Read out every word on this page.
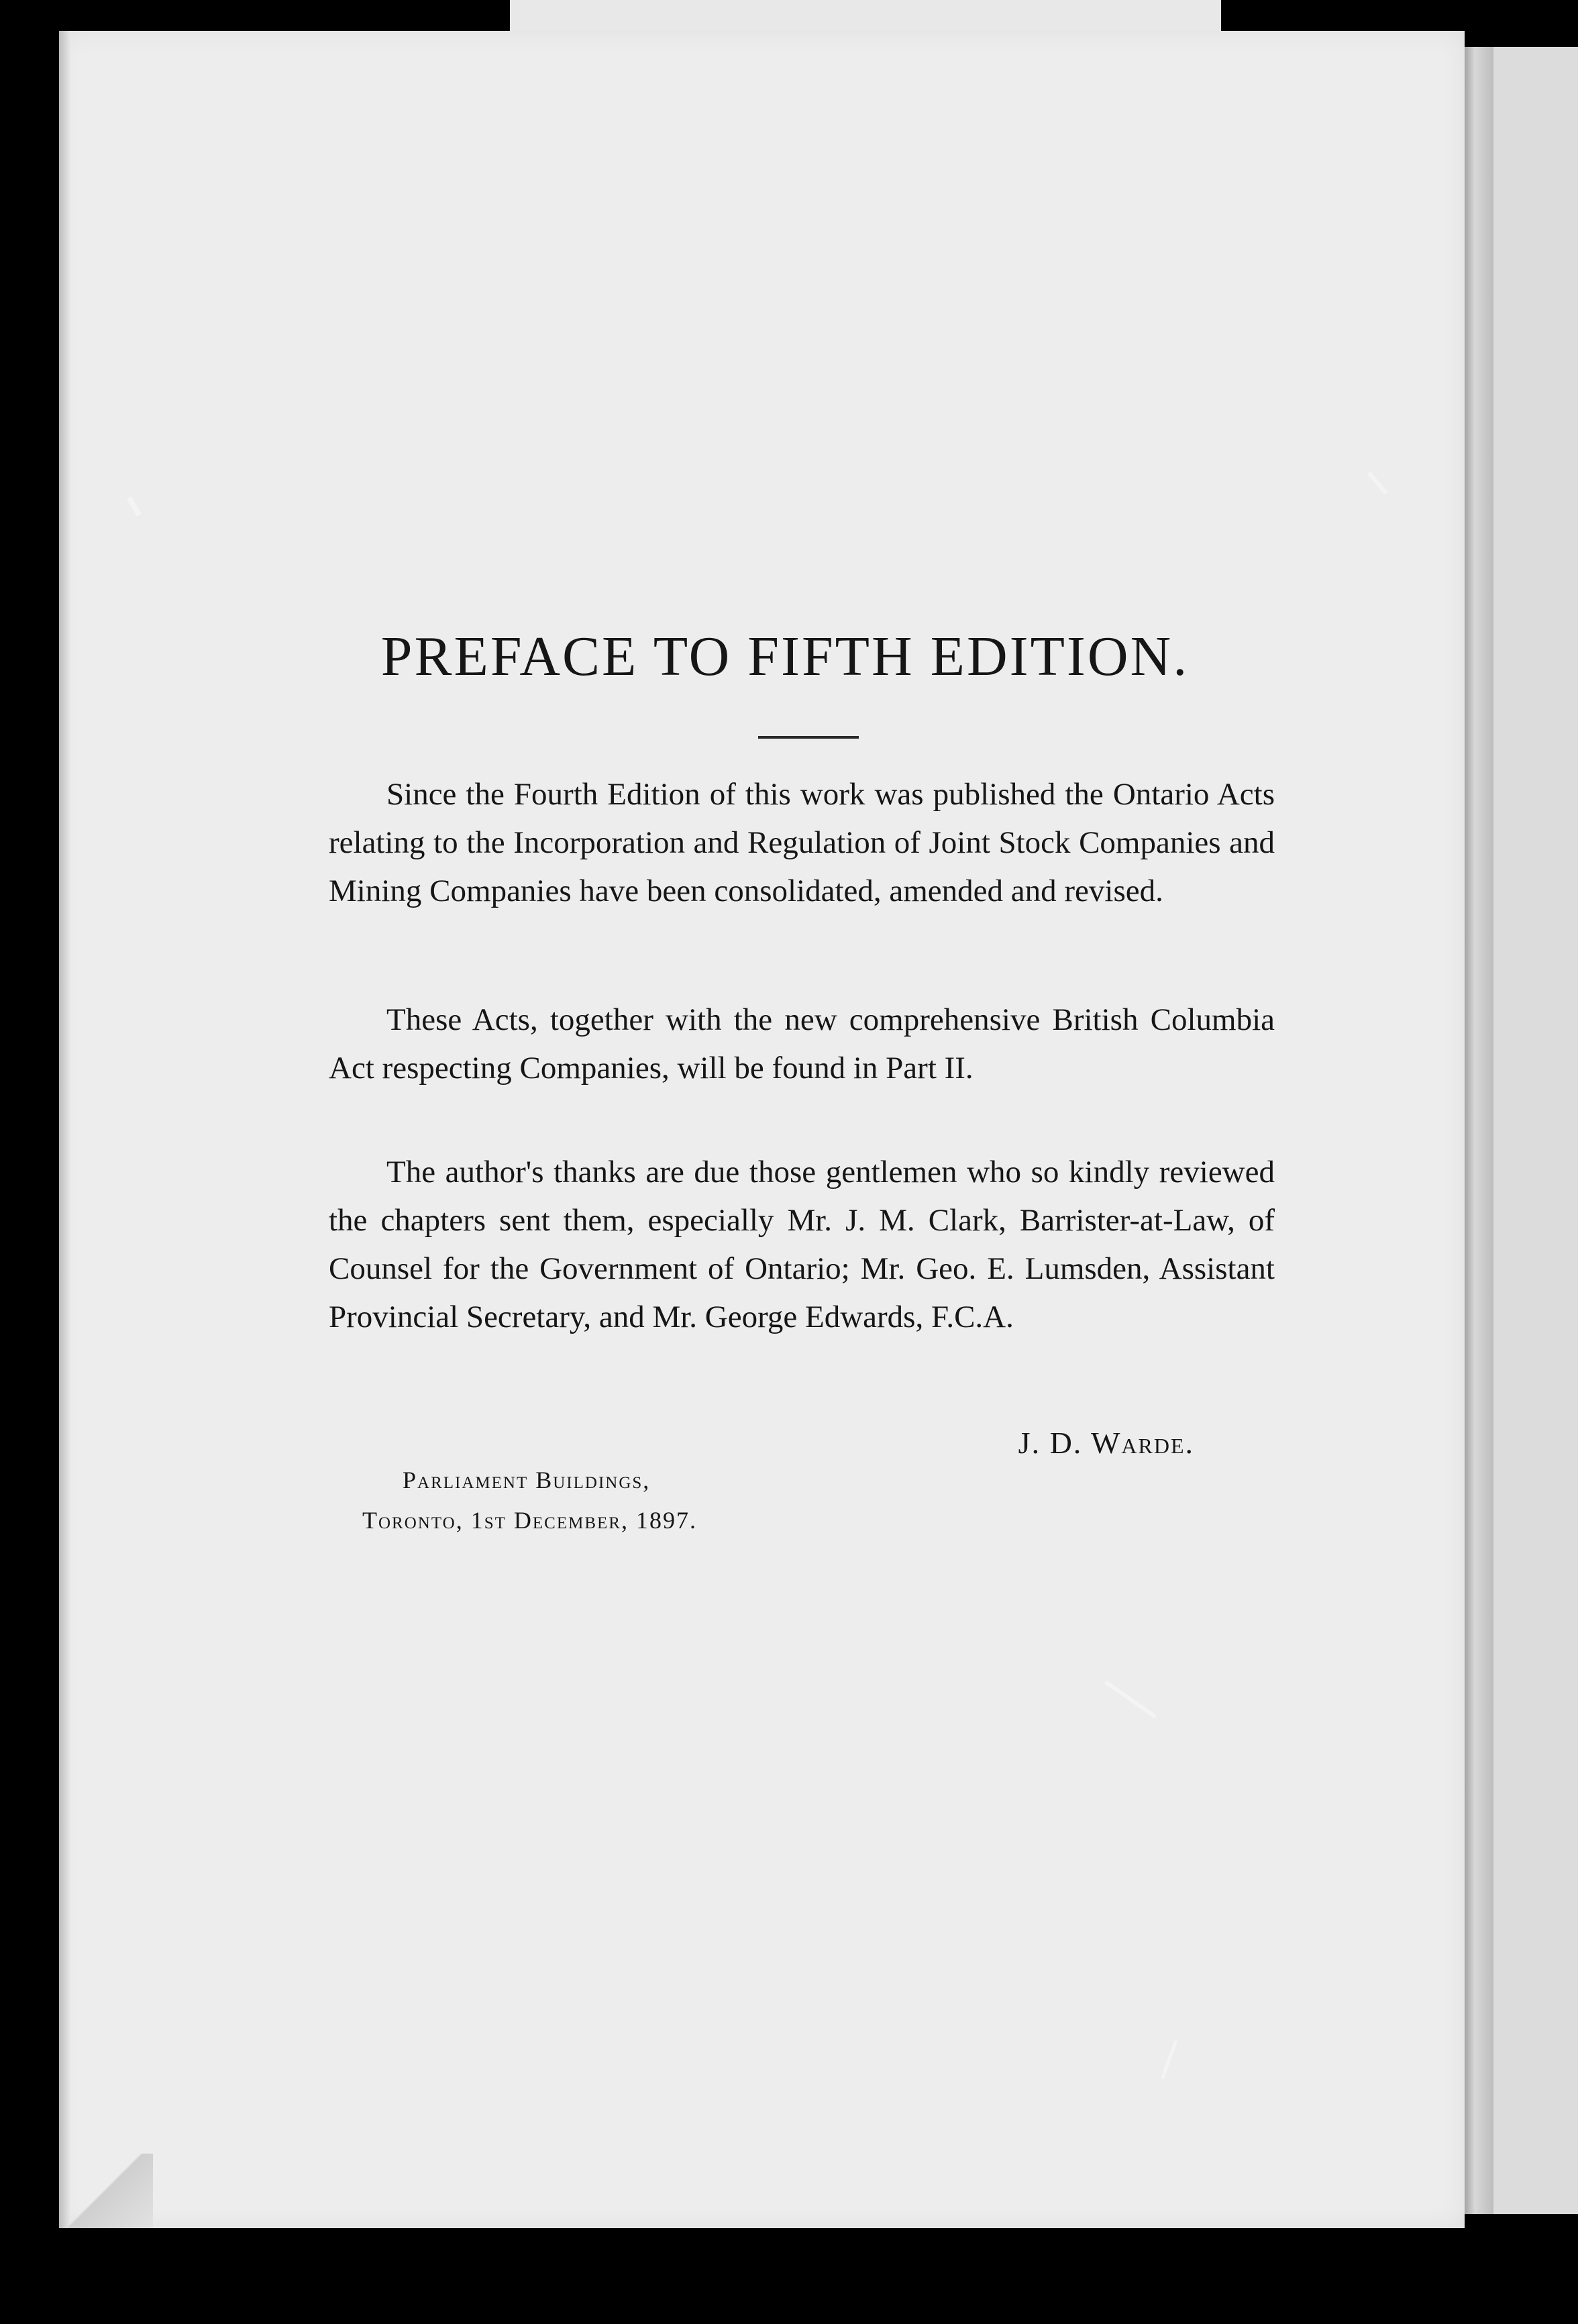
PREFACE TO FIFTH EDITION.

Since the Fourth Edition of this work was published the Ontario Acts relating to the Incorporation and Regulation of Joint Stock Companies and Mining Companies have been consolidated, amended and revised.

These Acts, together with the new comprehensive British Columbia Act respecting Companies, will be found in Part II.

The author's thanks are due those gentlemen who so kindly reviewed the chapters sent them, especially Mr. J. M. Clark, Barrister-at-Law, of Counsel for the Government of Ontario; Mr. Geo. E. Lumsden, Assistant Provincial Secretary, and Mr. George Edwards, F.C.A.

J. D. Warde.
Parliament Buildings,
Toronto, 1st December, 1897.
